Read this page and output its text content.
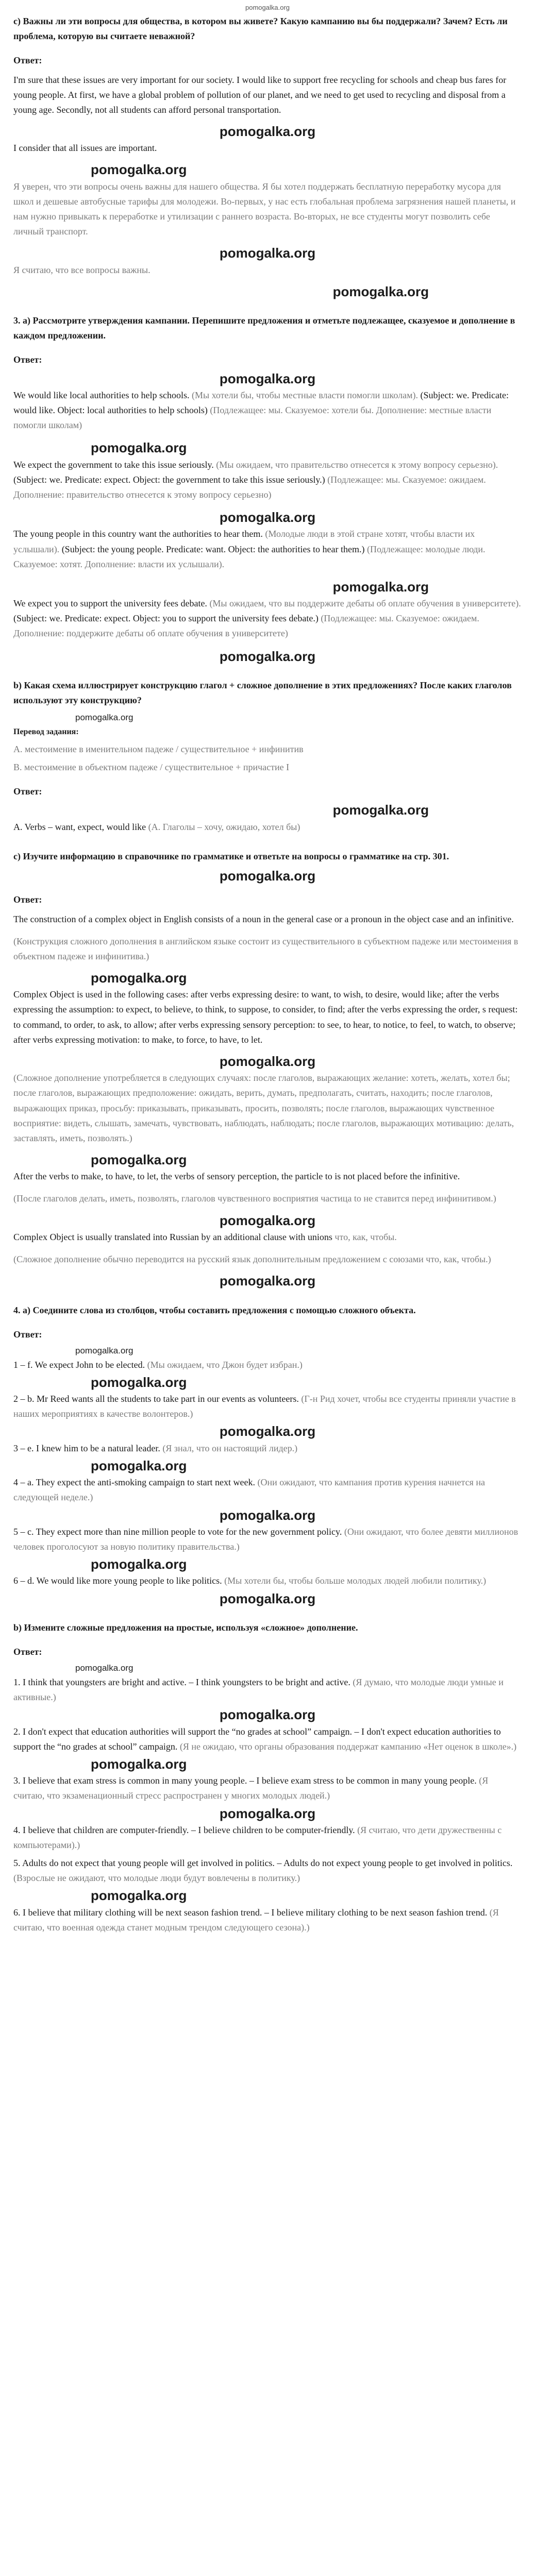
pomogalka.org

c) Важны ли эти вопросы для общества, в котором вы живете? Какую кампанию вы бы поддержали? Зачем? Есть ли проблема, которую вы считаете неважной?

Ответ:

I'm sure that these issues are very important for our society. I would like to support free recycling for schools and cheap bus fares for young people. At first, we have a global problem of pollution of our planet, and we need to get used to recycling and disposal from a young age. Secondly, not all students can afford personal transportation.

pomogalka.org

I consider that all issues are important.

pomogalka.org

Я уверен, что эти вопросы очень важны для нашего общества. Я бы хотел поддержать бесплатную переработку мусора для школ и дешевые автобусные тарифы для молодежи. Во-первых, у нас есть глобальная проблема загрязнения нашей планеты, и нам нужно привыкать к переработке и утилизации с раннего возраста. Во-вторых, не все студенты могут позволить себе личный транспорт.

pomogalka.org

Я считаю, что все вопросы важны.

pomogalka.org

3. a) Рассмотрите утверждения кампании. Перепишите предложения и отметьте подлежащее, сказуемое и дополнение в каждом предложении.

Ответ:
pomogalka.org

We would like local authorities to help schools. (Мы хотели бы, чтобы местные власти помогли школам). (Subject: we. Predicate: would like. Object: local authorities to help schools) (Подлежащее: мы. Сказуемое: хотели бы. Дополнение: местные власти помогли школам)

pomogalka.org

We expect the government to take this issue seriously. (Мы ожидаем, что правительство отнесется к этому вопросу серьезно). (Subject: we. Predicate: expect. Object: the government to take this issue seriously.) (Подлежащее: мы. Сказуемое: ожидаем. Дополнение: правительство отнесется к этому вопросу серьезно)

pomogalka.org

The young people in this country want the authorities to hear them. (Молодые люди в этой стране хотят, чтобы власти их услышали). (Subject: the young people. Predicate: want. Object: the authorities to hear them.) (Подлежащее: молодые люди. Сказуемое: хотят. Дополнение: власти их услышали).

pomogalka.org

We expect you to support the university fees debate. (Мы ожидаем, что вы поддержите дебаты об оплате обучения в университете). (Subject: we. Predicate: expect. Object: you to support the university fees debate.) (Подлежащее: мы. Сказуемое: ожидаем. Дополнение: поддержите дебаты об оплате обучения в университете)

pomogalka.org

b) Какая схема иллюстрирует конструкцию глагол + сложное дополнение в этих предложениях? После каких глаголов используют эту конструкцию?

pomogalka.org
Перевод задания:

A. местоимение в именительном падеже / существительное + инфинитив

B. местоимение в объектном падеже / существительное + причастие I

Ответ:
pomogalka.org

A. Verbs – want, expect, would like (A. Глаголы – хочу, ожидаю, хотел бы)

c) Изучите информацию в справочнике по грамматике и ответьте на вопросы о грамматике на стр. 301.

pomogalka.org
Ответ:

The construction of a complex object in English consists of a noun in the general case or a pronoun in the object case and an infinitive.

(Конструкция сложного дополнения в английском языке состоит из существительного в субъектном падеже или местоимения в объектном падеже и инфинитива.)

pomogalka.org

Complex Object is used in the following cases: after verbs expressing desire: to want, to wish, to desire, would like; after the verbs expressing the assumption: to expect, to believe, to think, to suppose, to consider, to find; after the verbs expressing the order, s request: to command, to order, to ask, to allow; after verbs expressing sensory perception: to see, to hear, to notice, to feel, to watch, to observe; after verbs expressing motivation: to make, to force, to have, to let.

pomogalka.org

(Сложное дополнение употребляется в следующих случаях: после глаголов, выражающих желание: хотеть, желать, хотел бы; после глаголов, выражающих предположение: ожидать, верить, думать, предполагать, считать, находить; после глаголов, выражающих приказ, просьбу: приказывать, приказывать, просить, позволять; после глаголов, выражающих чувственное восприятие: видеть, слышать, замечать, чувствовать, наблюдать, наблюдать; после глаголов, выражающих мотивацию: делать, заставлять, иметь, позволять.)

pomogalka.org

After the verbs to make, to have, to let, the verbs of sensory perception, the particle to is not placed before the infinitive.

(После глаголов делать, иметь, позволять, глаголов чувственного восприятия частица to не ставится перед инфинитивом.)

pomogalka.org

Complex Object is usually translated into Russian by an additional clause with unions что, как, чтобы.

(Сложное дополнение обычно переводится на русский язык дополнительным предложением с союзами что, как, чтобы.)

pomogalka.org

4. a) Соедините слова из столбцов, чтобы составить предложения с помощью сложного объекта.

Ответ:
pomogalka.org

1 – f. We expect John to be elected. (Мы ожидаем, что Джон будет избран.)

pomogalka.org

2 – b. Mr Reed wants all the students to take part in our events as volunteers. (Г-н Рид хочет, чтобы все студенты приняли участие в наших мероприятиях в качестве волонтеров.)

pomogalka.org

3 – e. I knew him to be a natural leader. (Я знал, что он настоящий лидер.)

pomogalka.org

4 – a. They expect the anti-smoking campaign to start next week. (Они ожидают, что кампания против курения начнется на следующей неделе.)

pomogalka.org

5 – c. They expect more than nine million people to vote for the new government policy. (Они ожидают, что более девяти миллионов человек проголосуют за новую политику правительства.)

pomogalka.org

6 – d. We would like more young people to like politics. (Мы хотели бы, чтобы больше молодых людей любили политику.)

pomogalka.org

b) Измените сложные предложения на простые, используя «сложное» дополнение.

Ответ:
pomogalka.org

1. I think that youngsters are bright and active. – I think youngsters to be bright and active. (Я думаю, что молодые люди умные и активные.)

pomogalka.org

2. I don't expect that education authorities will support the “no grades at school” campaign. – I don't expect education authorities to support the “no grades at school” campaign. (Я не ожидаю, что органы образования поддержат кампанию «Нет оценок в школе».)

pomogalka.org

3. I believe that exam stress is common in many young people. – I believe exam stress to be common in many young people. (Я считаю, что экзаменационный стресс распространен у многих молодых людей.)

pomogalka.org

4. I believe that children are computer-friendly. – I believe children to be computer-friendly. (Я считаю, что дети дружественны с компьютерами).)

5. Adults do not expect that young people will get involved in politics. – Adults do not expect young people to get involved in politics. (Взрослые не ожидают, что молодые люди будут вовлечены в политику.)

pomogalka.org

6. I believe that military clothing will be next season fashion trend. – I believe military clothing to be next season fashion trend. (Я считаю, что военная одежда станет модным трендом следующего сезона).)
